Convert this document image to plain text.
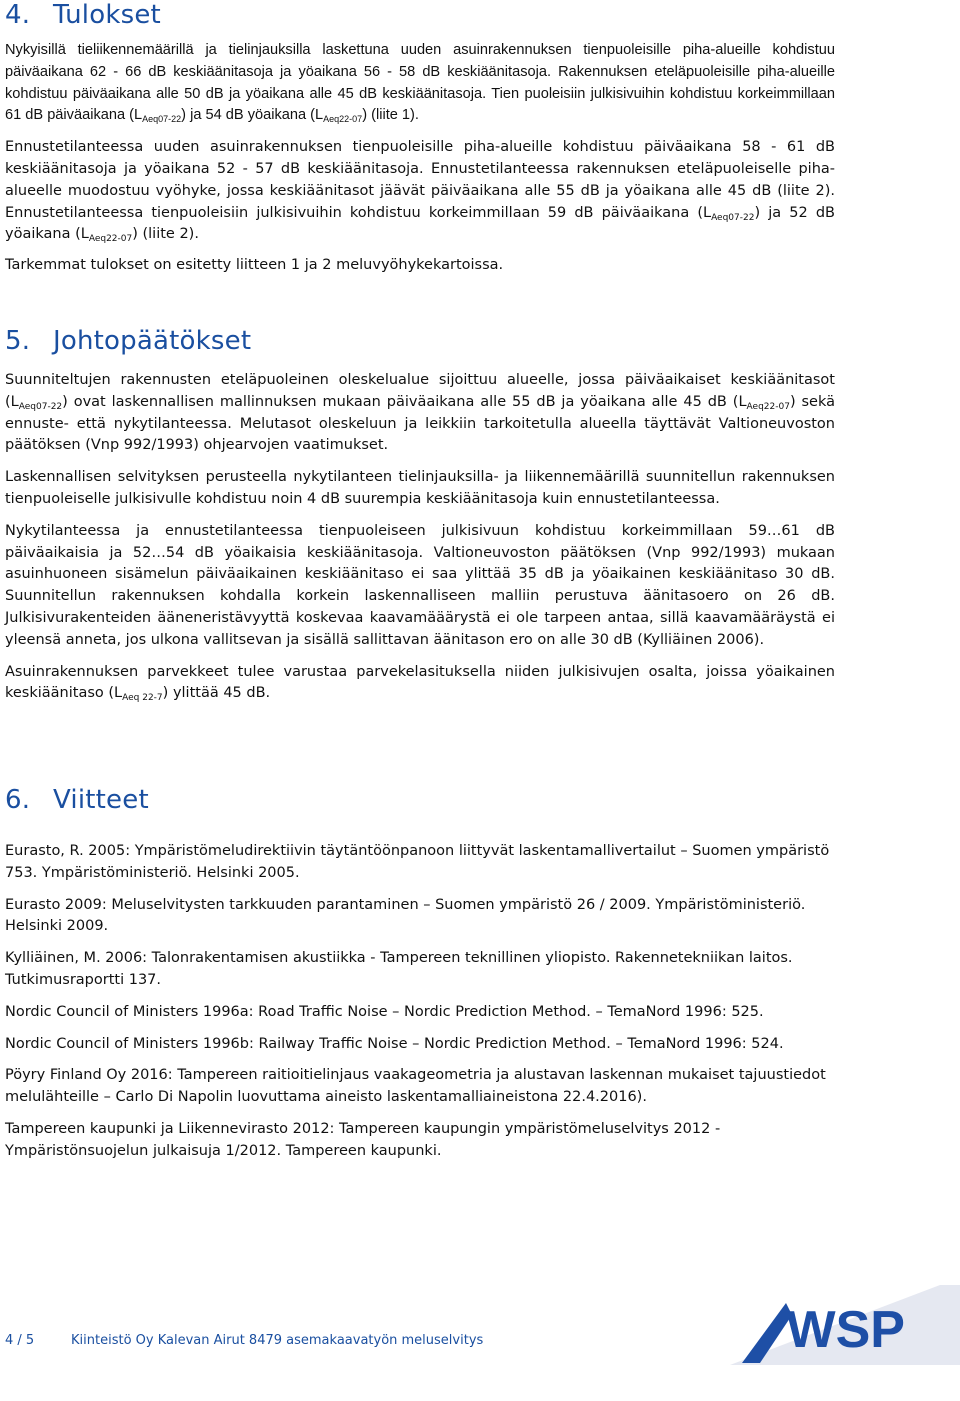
4. Tulokset

Nykyisillä tieliikennemäärillä ja tielinjauksilla laskettuna uuden asuinrakennuksen tienpuoleisille piha-alueille kohdistuu päiväaikana 62 - 66 dB keskiäänitasoja ja yöaikana 56 - 58 dB keskiäänitasoja. Rakennuksen eteläpuoleisille piha-alueille kohdistuu päiväaikana alle 50 dB ja yöaikana alle 45 dB keskiäänitasoja. Tien puoleisiin julkisivuihin kohdistuu korkeimmillaan 61 dB päiväaikana $(L_{Aeq07-22})$ ja 54 dB yöaikana $(L_{Aeq22-07})$ (liite 1).

Ennustetilanteessa uuden asuinrakennuksen tienpuoleisille piha-alueille kohdistuu päiväaikana 58 - 61 dB keskiäänitasoja ja yöaikana 52 - 57 dB keskiäänitasoja. Ennustetilanteessa rakennuksen eteläpuoleiselle piha-alueelle muodostuu vyöhyke, jossa keskiäänitasot jäävät päiväaikana alle 55 dB ja yöaikana alle 45 dB (liite 2). Ennustetilanteessa tienpuoleisiin julkisivuihin kohdistuu korkeimmillaan 59 dB päiväaikana $(L_{Aeq07-22})$ ja 52 dB yöaikana $(L_{Aeq22-07})$ (liite 2).

Tarkemmat tulokset on esitetty liitteen 1 ja 2 meluvyöhykekartoissa.

5. Johtopäätökset

Suunniteltujen rakennusten eteläpuoleinen oleskelualue sijoittuu alueelle, jossa päiväaikaiset keskiäänitasot $(L_{Aeq07-22})$ ovat laskennallisen mallinnuksen mukaan päiväaikana alle 55 dB ja yöaikana alle 45 dB $(L_{Aeq22-07})$ sekä ennuste- että nykytilanteessa. Melutasot oleskeluun ja leikkiin tarkoitetulla alueella täyttävät Valtioneuvoston päätöksen (Vnp 992/1993) ohjearvojen vaatimukset.

Laskennallisen selvityksen perusteella nykytilanteen tielinjauksilla- ja liikennemäärillä suunnitellun rakennuksen tienpuoleiselle julkisivulle kohdistuu noin 4 dB suurempia keskiäänitasoja kuin ennustetilanteessa.

Nykytilanteessa ja ennustetilanteessa tienpuoleiseen julkisivuun kohdistuu korkeimmillaan 59…61 dB päiväaikaisia ja 52…54 dB yöaikaisia keskiäänitasoja. Valtioneuvoston päätöksen (Vnp 992/1993) mukaan asuinhuoneen sisämelun päiväaikainen keskiäänitaso ei saa ylittää 35 dB ja yöaikainen keskiäänitaso 30 dB. Suunnitellun rakennuksen kohdalla korkein laskennalliseen malliin perustuva äänitasoero on 26 dB. Julkisivurakenteiden ääneneristävyyttä koskevaa kaavamääärystä ei ole tarpeen antaa, sillä kaavamääräystä ei yleensä anneta, jos ulkona vallitsevan ja sisällä sallittavan äänitason ero on alle 30 dB (Kylliäinen 2006).

Asuinrakennuksen parvekkeet tulee varustaa parvekelasituksella niiden julkisivujen osalta, joissa yöaikainen keskiäänitaso $(L_{Aeq 22-7})$ ylittää 45 dB.

6. Viitteet

Eurasto, R. 2005: Ympäristömeludirektiivin täytäntöönpanoon liittyvät laskentamallivertailut – Suomen ympäristö 753. Ympäristöministeriö. Helsinki 2005.

Eurasto 2009: Meluselvitysten tarkkuuden parantaminen – Suomen ympäristö 26 / 2009. Ympäristöministeriö. Helsinki 2009.

Kylliäinen, M. 2006: Talonrakentamisen akustiikka - Tampereen teknillinen yliopisto. Rakennetekniikan laitos. Tutkimusraportti 137.

Nordic Council of Ministers 1996a: Road Traffic Noise – Nordic Prediction Method. – TemaNord 1996: 525.

Nordic Council of Ministers 1996b: Railway Traffic Noise – Nordic Prediction Method. – TemaNord 1996: 524.

Pöyry Finland Oy 2016: Tampereen raitioitielinjaus vaakageometria ja alustavan laskennan mukaiset tajuustiedot melulähteille – Carlo Di Napolin luovuttama aineisto laskentamalliaineistona 22.4.2016).

Tampereen kaupunki ja Liikennevirasto 2012: Tampereen kaupungin ympäristömeluselvitys 2012 - Ympäristönsuojelun julkaisuja 1/2012. Tampereen kaupunki.

4 / 5	Kiinteistö Oy Kalevan Airut 8479 asemakaavatyön meluselvitys	WSP
